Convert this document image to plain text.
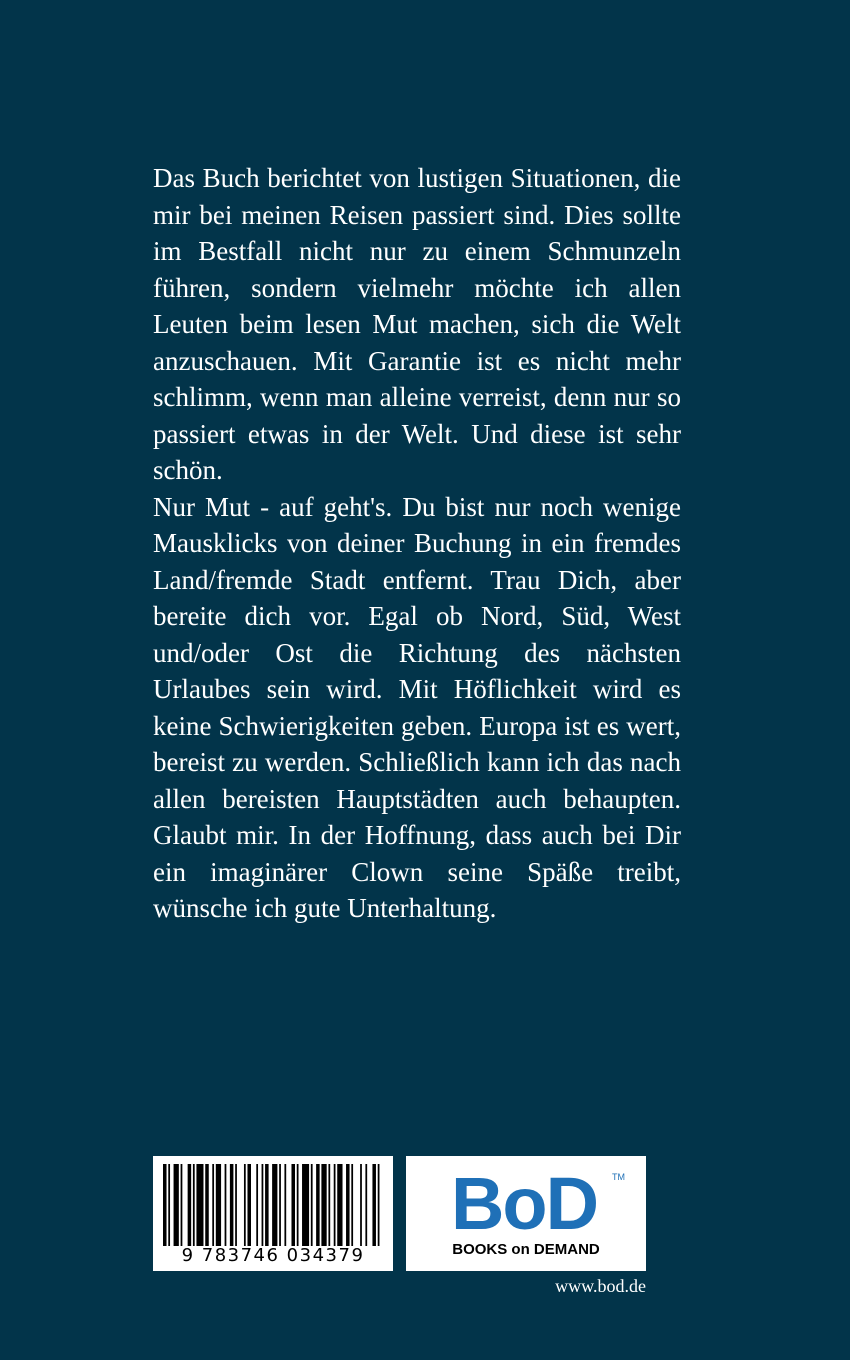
Das Buch berichtet von lustigen Situationen, die mir bei meinen Reisen passiert sind. Dies sollte im Bestfall nicht nur zu einem Schmunzeln führen, sondern vielmehr möchte ich allen Leuten beim lesen Mut machen, sich die Welt anzuschauen. Mit Garantie ist es nicht mehr schlimm, wenn man alleine verreist, denn nur so passiert etwas in der Welt. Und diese ist sehr schön.

Nur Mut - auf geht's. Du bist nur noch wenige Mausklicks von deiner Buchung in ein fremdes Land/fremde Stadt entfernt. Trau Dich, aber bereite dich vor. Egal ob Nord, Süd, West und/oder Ost die Richtung des nächsten Urlaubes sein wird. Mit Höflichkeit wird es keine Schwierigkeiten geben. Europa ist es wert, bereist zu werden. Schließlich kann ich das nach allen bereisten Hauptstädten auch behaupten. Glaubt mir. In der Hoffnung, dass auch bei Dir ein imaginärer Clown seine Späße treibt, wünsche ich gute Unterhaltung.

9 783746 034379
BoD TM
BOOKS on DEMAND
www.bod.de
